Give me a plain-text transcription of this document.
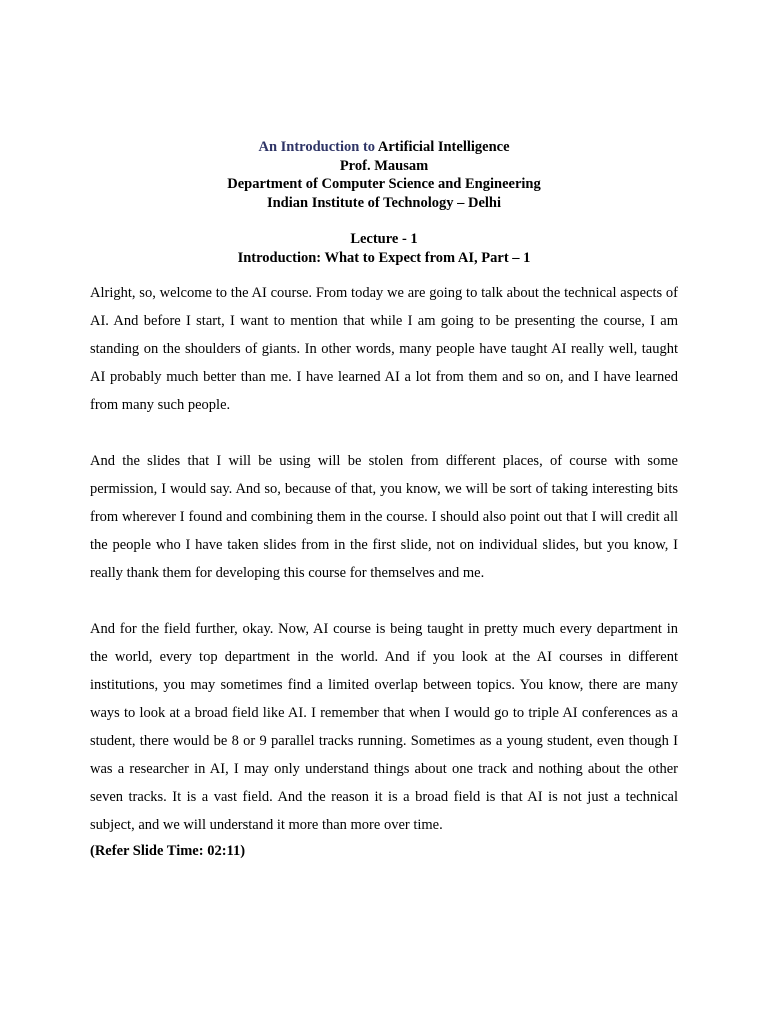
An Introduction to Artificial Intelligence
Prof. Mausam
Department of Computer Science and Engineering
Indian Institute of Technology – Delhi
Lecture - 1
Introduction: What to Expect from AI, Part – 1

Alright, so, welcome to the AI course. From today we are going to talk about the technical aspects of AI. And before I start, I want to mention that while I am going to be presenting the course, I am standing on the shoulders of giants. In other words, many people have taught AI really well, taught AI probably much better than me. I have learned AI a lot from them and so on, and I have learned from many such people.

And the slides that I will be using will be stolen from different places, of course with some permission, I would say. And so, because of that, you know, we will be sort of taking interesting bits from wherever I found and combining them in the course. I should also point out that I will credit all the people who I have taken slides from in the first slide, not on individual slides, but you know, I really thank them for developing this course for themselves and me.

And for the field further, okay. Now, AI course is being taught in pretty much every department in the world, every top department in the world. And if you look at the AI courses in different institutions, you may sometimes find a limited overlap between topics. You know, there are many ways to look at a broad field like AI. I remember that when I would go to triple AI conferences as a student, there would be 8 or 9 parallel tracks running. Sometimes as a young student, even though I was a researcher in AI, I may only understand things about one track and nothing about the other seven tracks. It is a vast field. And the reason it is a broad field is that AI is not just a technical subject, and we will understand it more than more over time.

(Refer Slide Time: 02:11)
